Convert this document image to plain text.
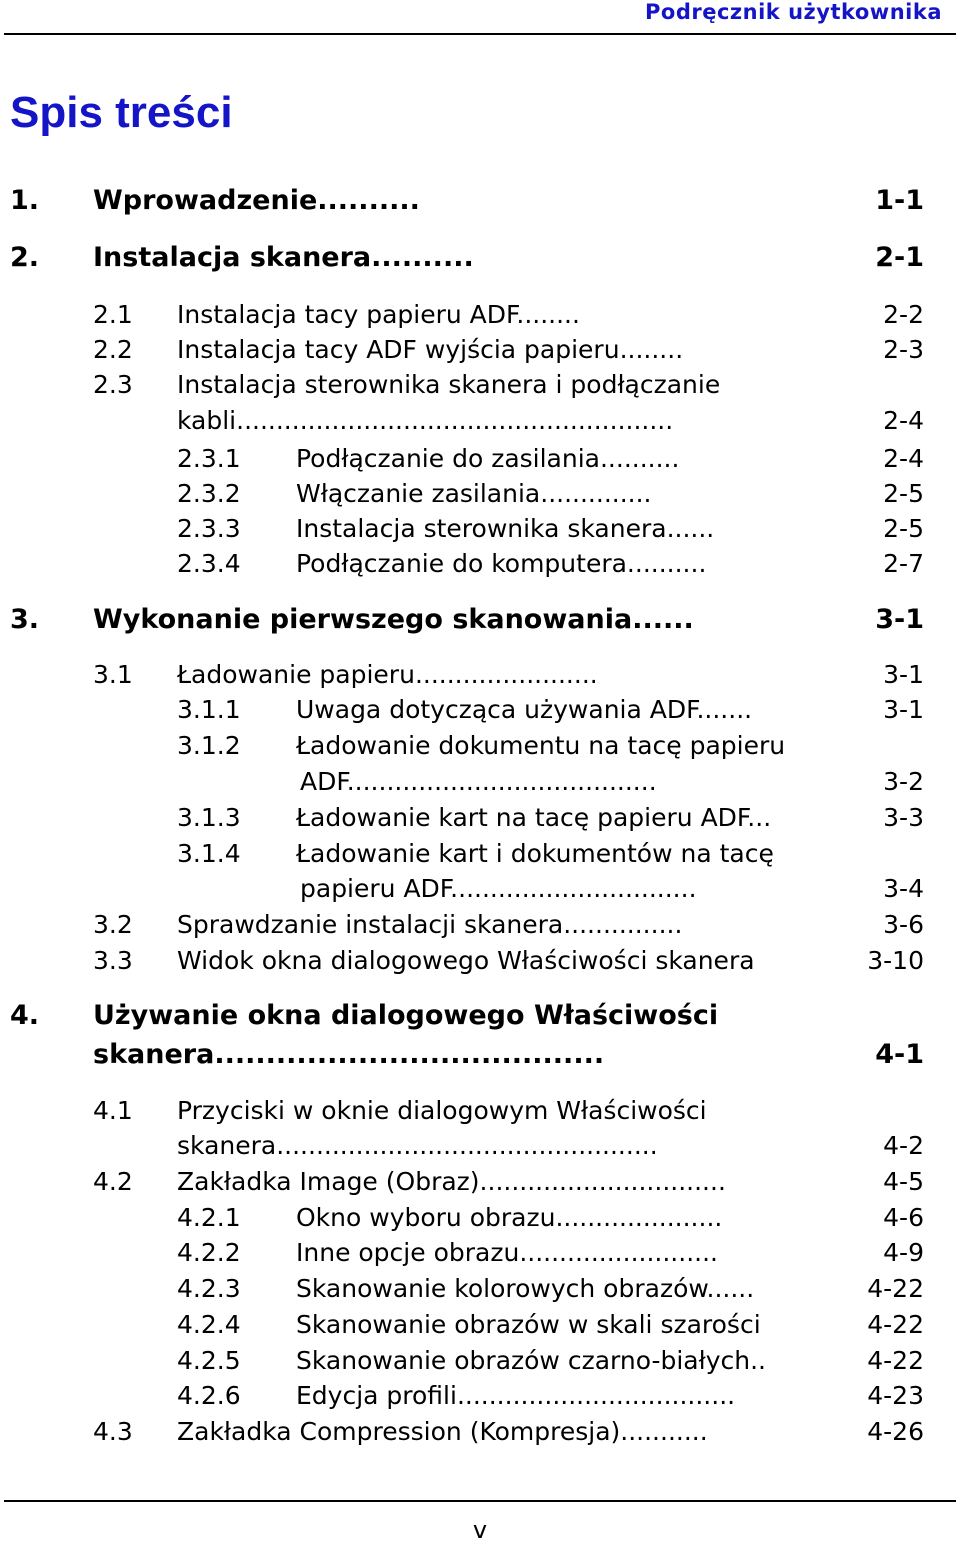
Podręcznik użytkownika
Spis treści
1. Wprowadzenie..........	1-1
2. Instalacja skanera..........	2-1
2.1 Instalacja tacy papieru ADF........	2-2
2.2 Instalacja tacy ADF wyjścia papieru........	2-3
2.3 Instalacja sterownika skanera i podłączanie
kabli.......................................................	2-4
2.3.1 Podłączanie do zasilania..........	2-4
2.3.2 Włączanie zasilania..............	2-5
2.3.3 Instalacja sterownika skanera......	2-5
2.3.4 Podłączanie do komputera..........	2-7
3. Wykonanie pierwszego skanowania......	3-1
3.1 Ładowanie papieru.......................	3-1
3.1.1 Uwaga dotycząca używania ADF.......	3-1
3.1.2 Ładowanie dokumentu na tacę papieru
ADF.......................................	3-2
3.1.3 Ładowanie kart na tacę papieru ADF...	3-3
3.1.4 Ładowanie kart i dokumentów na tacę
papieru ADF...............................	3-4
3.2 Sprawdzanie instalacji skanera...............	3-6
3.3 Widok okna dialogowego Właściwości skanera	3-10
4. Używanie okna dialogowego Właściwości
skanera......................................	4-1
4.1 Przyciski w oknie dialogowym Właściwości
skanera................................................	4-2
4.2 Zakładka Image (Obraz)...............................	4-5
4.2.1 Okno wyboru obrazu.....................	4-6
4.2.2 Inne opcje obrazu.........................	4-9
4.2.3 Skanowanie kolorowych obrazów......	4-22
4.2.4 Skanowanie obrazów w skali szarości	4-22
4.2.5 Skanowanie obrazów czarno-białych..	4-22
4.2.6 Edycja profili...................................	4-23
4.3 Zakładka Compression (Kompresja)...........	4-26
v
